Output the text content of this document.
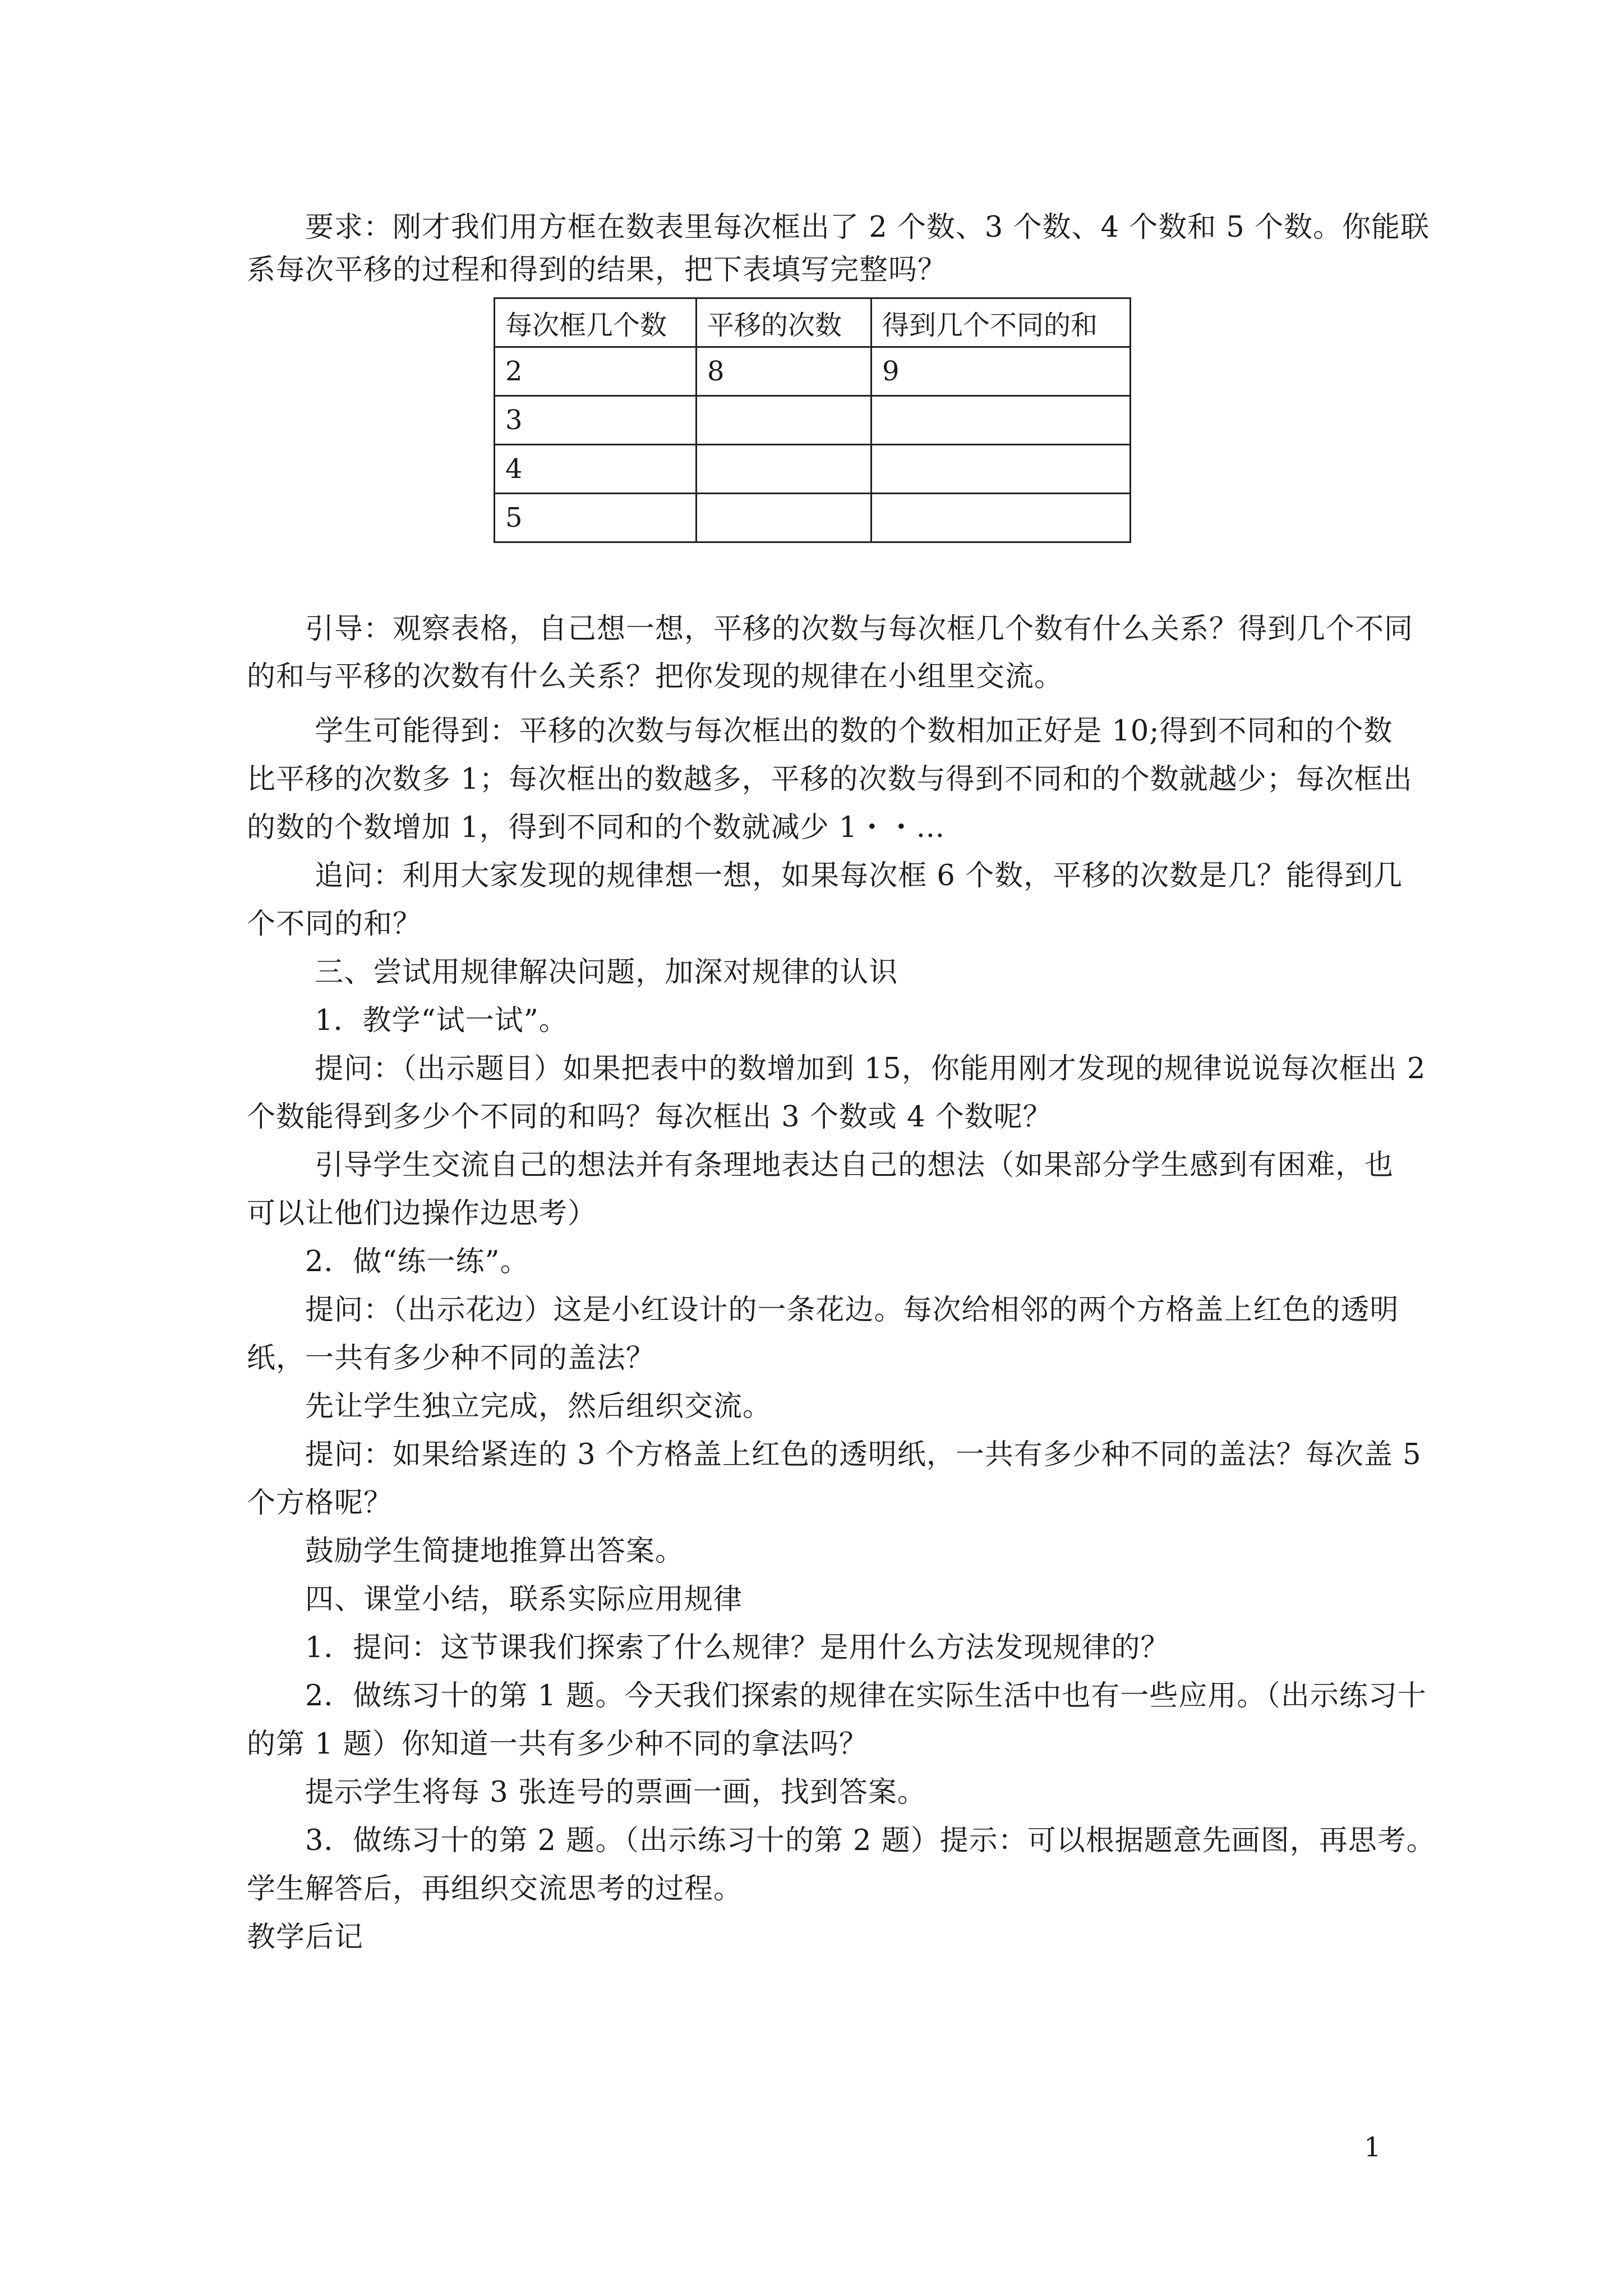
　　要求：刚才我们用方框在数表里每次框出了 2 个数、3 个数、4 个数和 5 个数。你能联
系每次平移的过程和得到的结果，把下表填写完整吗？
每次框几个数	平移的次数	得到几个不同的和
2	8	9
3		
4		
5		
　　引导：观察表格，自己想一想，平移的次数与每次框几个数有什么关系？得到几个不同
的和与平移的次数有什么关系？把你发现的规律在小组里交流。
　　 学生可能得到：平移的次数与每次框出的数的个数相加正好是 10;得到不同和的个数
比平移的次数多 1；每次框出的数越多，平移的次数与得到不同和的个数就越少；每次框出
的数的个数增加 1，得到不同和的个数就减少 1・・…
　　 追问：利用大家发现的规律想一想，如果每次框 6 个数，平移的次数是几？能得到几
个不同的和？
　　 三、尝试用规律解决问题，加深对规律的认识
　　 1．教学“试一试”。
　　 提问：（出示题目）如果把表中的数增加到 15，你能用刚才发现的规律说说每次框出 2
个数能得到多少个不同的和吗？每次框出 3 个数或 4 个数呢？
　　 引导学生交流自己的想法并有条理地表达自己的想法（如果部分学生感到有困难，也
可以让他们边操作边思考）
　　2．做“练一练”。
　　提问：（出示花边）这是小红设计的一条花边。每次给相邻的两个方格盖上红色的透明
纸，一共有多少种不同的盖法？
　　先让学生独立完成，然后组织交流。
　　提问：如果给紧连的 3 个方格盖上红色的透明纸，一共有多少种不同的盖法？每次盖 5
个方格呢？
　　鼓励学生简捷地推算出答案。
　　四、课堂小结，联系实际应用规律
　　1．提问：这节课我们探索了什么规律？是用什么方法发现规律的？
　　2．做练习十的第 1 题。今天我们探索的规律在实际生活中也有一些应用。（出示练习十
的第 1 题）你知道一共有多少种不同的拿法吗？
　　提示学生将每 3 张连号的票画一画，找到答案。
　　3．做练习十的第 2 题。（出示练习十的第 2 题）提示：可以根据题意先画图，再思考。
学生解答后，再组织交流思考的过程。
教学后记
1
